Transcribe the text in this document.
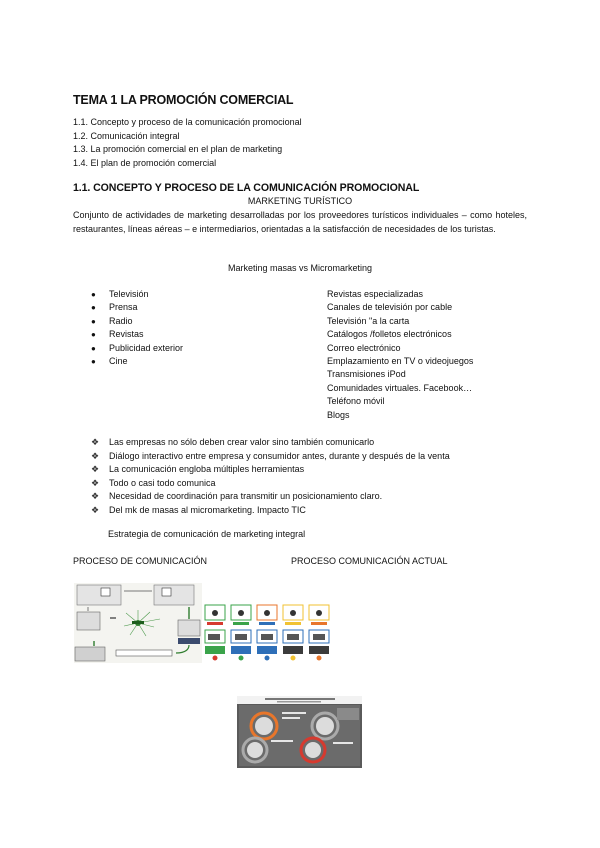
TEMA 1 LA PROMOCIÓN COMERCIAL
1.1. Concepto y proceso de la comunicación promocional
1.2. Comunicación integral
1.3. La promoción comercial en el plan de marketing
1.4. El plan de promoción comercial
1.1. CONCEPTO Y PROCESO DE LA COMUNICACIÓN PROMOCIONAL
MARKETING TURÍSTICO
Conjunto de actividades de marketing desarrolladas por los proveedores turísticos individuales – como hoteles, restaurantes, líneas aéreas – e intermediarios, orientadas a la satisfacción de necesidades de los turistas.
Marketing masas vs Micromarketing
●	Televisión
●	Prensa
●	Radio
●	Revistas
●	Publicidad exterior
●	Cine
Revistas especializadas
Canales de televisión por cable
Televisión "a la carta
Catálogos /folletos electrónicos
Correo electrónico
Emplazamiento en TV o videojuegos
Transmisiones iPod
Comunidades virtuales. Facebook…
Teléfono móvil
Blogs
❖	Las empresas no sólo deben crear valor sino también comunicarlo
❖	Diálogo interactivo entre empresa y consumidor antes, durante y después de la venta
❖	La comunicación engloba múltiples herramientas
❖	Todo o casi todo comunica
❖	Necesidad de coordinación para transmitir un posicionamiento claro.
❖	Del mk de masas al micromarketing. Impacto TIC
Estrategia de comunicación de marketing integral
PROCESO DE COMUNICACIÓN	PROCESO COMUNICACIÓN ACTUAL
